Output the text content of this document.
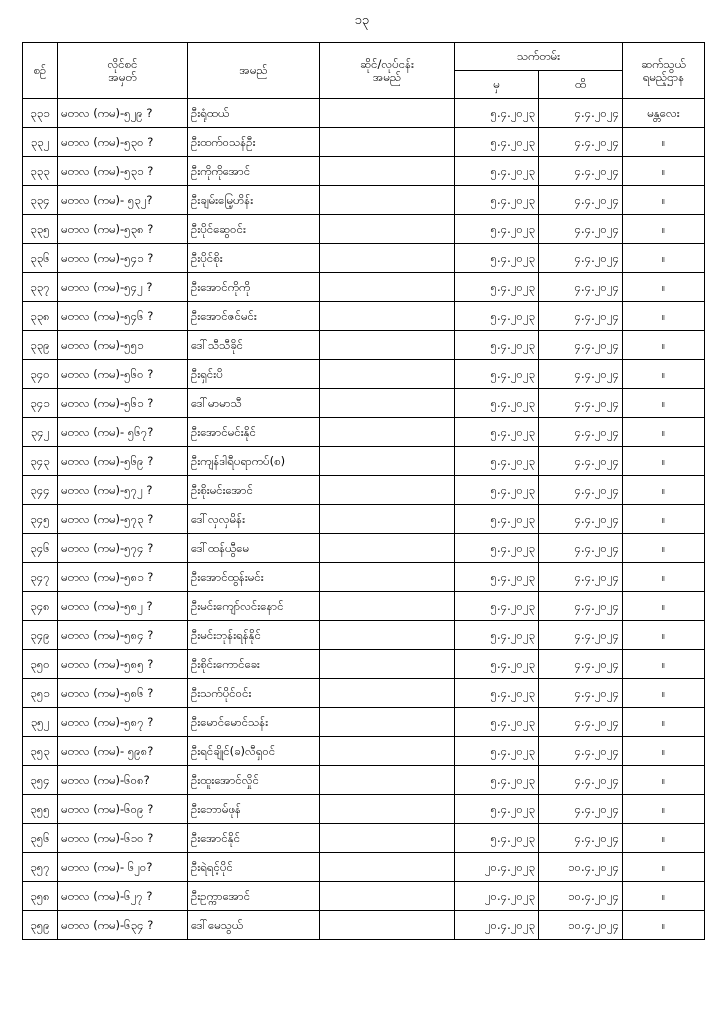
၁၃
စဉ်	လိုင်စင်
အမှတ်	အမည်	ဆိုင်/လုပ်ငန်း
အမည်	သက်တမ်း		ဆက်သွယ်
ရမည့်ဌာန

				မှ	ထိ	
၃၃၁	မတလ (ကမ)-၅၂၉ ?	ဦးရုံထယ်		၅.၄.၂၀၂၃	၄.၄.၂၀၂၄	မန္တလေး
၃၃၂	မတလ (ကမ)-၅၃၀ ?	ဦးထက်ဝသန်ဦး		၅.၄.၂၀၂၃	၄.၄.၂၀၂၄	။
၃၃၃	မတလ (ကမ)-၅၃၁ ?	ဦးကိုကိုအောင်		၅.၄.၂၀၂၃	၄.၄.၂၀၂၄	။
၃၃၄	မတလ (ကမ)- ၅၃၂?	ဦးချမ်းမြေ့ဟိန်း		၅.၄.၂၀၂၃	၄.၄.၂၀၂၄	။
၃၃၅	မတလ (ကမ)-၅၃၈ ?	ဦးပိုင်ဆွေဝင်း		၅.၄.၂၀၂၃	၄.၄.၂၀၂၄	။
၃၃၆	မတလ (ကမ)-၅၄၁ ?	ဦးပိုင်စိုး		၅.၄.၂၀၂၃	၄.၄.၂၀၂၄	။
၃၃၇	မတလ (ကမ)-၅၄၂ ?	ဦးအောင်ကိုကို		၅.၄.၂၀၂၃	၄.၄.၂၀၂၄	။
၃၃၈	မတလ (ကမ)-၅၄၆ ?	ဦးအောင်ဇင်မင်း		၅.၄.၂၀၂၃	၄.၄.၂၀၂၄	။
၃၃၉	မတလ (ကမ)-၅၅၁	ဒေါ်သီသီခိုင်		၅.၄.၂၀၂၃	၄.၄.၂၀၂၄	။
၃၄၀	မတလ (ကမ)-၅၆၀ ?	ဦးရှင်းပိ		၅.၄.၂၀၂၃	၄.၄.၂၀၂၄	။
၃၄၁	မတလ (ကမ)-၅၆၁ ?	ဒေါ်မာမာသီ		၅.၄.၂၀၂၃	၄.၄.၂၀၂၄	။
၃၄၂	မတလ (ကမ)- ၅၆၇?	ဦးအောင်မင်းနိုင်		၅.၄.၂၀၂၃	၄.၄.၂၀၂၄	။
၃၄၃	မတလ (ကမ)-၅၆၉ ?	ဦးကျန်ဒါရီပရာကပ်(စ)		၅.၄.၂၀၂၃	၄.၄.၂၀၂၄	။
၃၄၄	မတလ (ကမ)-၅၇၂ ?	ဦးစိုးမင်းအောင်		၅.၄.၂၀၂၃	၄.၄.၂၀၂၄	။
၃၄၅	မတလ (ကမ)-၅၇၃ ?	ဒေါ်လှလှမိန်း		၅.၄.၂၀၂၃	၄.၄.၂၀၂၄	။
၃၄၆	မတလ (ကမ)-၅၇၄ ?	ဒေါ်ထန်ယွီမေ		၅.၄.၂၀၂၃	၄.၄.၂၀၂၄	။
၃၄၇	မတလ (ကမ)-၅၈၁ ?	ဦးအောင်ထွန်းမင်း		၅.၄.၂၀၂၃	၄.၄.၂၀၂၄	။
၃၄၈	မတလ (ကမ)-၅၈၂ ?	ဦးမင်းကျော်လင်းနောင်		၅.၄.၂၀၂၃	၄.၄.၂၀၂၄	။
၃၄၉	မတလ (ကမ)-၅၈၄ ?	ဦးမင်းဘုန်းရန်နိုင်		၅.၄.၂၀၂၃	၄.၄.၂၀၂၄	။
၃၅၀	မတလ (ကမ)-၅၈၅ ?	ဦးစိုင်းကောင်ခေး		၅.၄.၂၀၂၃	၄.၄.၂၀၂၄	။
၃၅၁	မတလ (ကမ)-၅၈၆ ?	ဦးသက်ပိုင်ဝင်း		၅.၄.၂၀၂၃	၄.၄.၂၀၂၄	။
၃၅၂	မတလ (ကမ)-၅၈၇ ?	ဦးမောင်မောင်သန်း		၅.၄.၂၀၂၃	၄.၄.၂၀၂၄	။
၃၅၃	မတလ (ကမ)- ၅၉၈?	ဦးရင်ချိုင်(ခ)လီရှဝင်		၅.၄.၂၀၂၃	၄.၄.၂၀၂၄	။
၃၅၄	မတလ (ကမ)-၆၀၈?	ဦးထူးအောင်လှိုင်		၅.၄.၂၀၂၃	၄.၄.၂၀၂၄	။
၃၅၅	မတလ (ကမ)-၆၀၉ ?	ဦးဘောမ်ဖုန်		၅.၄.၂၀၂၃	၄.၄.၂၀၂၄	။
၃၅၆	မတလ (ကမ)-၆၁၀ ?	ဦးအောင်နိုင်		၅.၄.၂၀၂၃	၄.၄.၂၀၂၄	။
၃၅၇	မတလ (ကမ)- ၆၂၀?	ဦးရဲရင့်ပိုင်		၂၀.၄.၂၀၂၃	၁၀.၄.၂၀၂၄	။
၃၅၈	မတလ (ကမ)-၆၂၇ ?	ဦးဥက္ကာအောင်		၂၀.၄.၂၀၂၃	၁၀.၄.၂၀၂၄	။
၃၅၉	မတလ (ကမ)-၆၃၄ ?	ဒေါ်မေသွယ်		၂၀.၄.၂၀၂၃	၁၀.၄.၂၀၂၄	။
